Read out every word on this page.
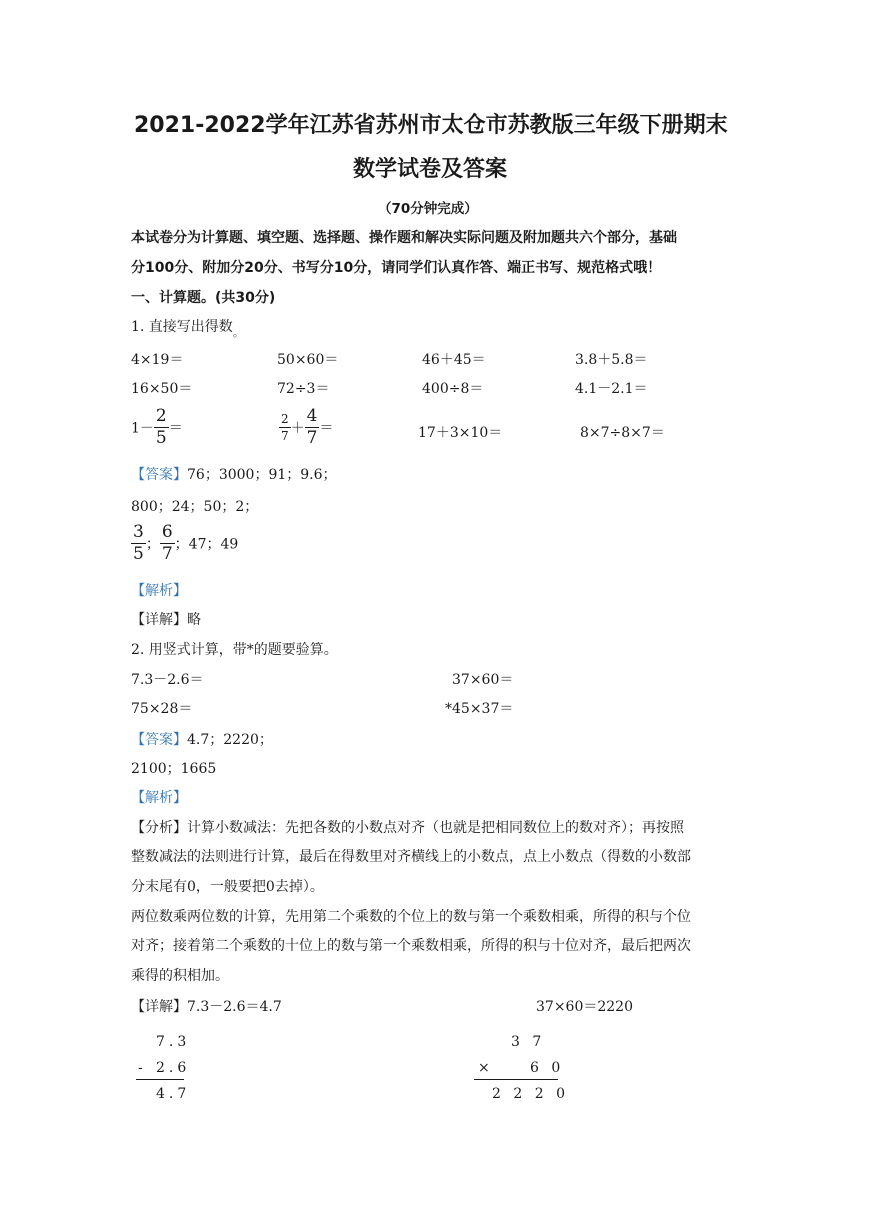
2021-2022学年江苏省苏州市太仓市苏教版三年级下册期末
数学试卷及答案
（70分钟完成）
本试卷分为计算题、填空题、选择题、操作题和解决实际问题及附加题共六个部分，基础
分100分、附加分20分、书写分10分，请同学们认真作答、端正书写、规范格式哦！
一、计算题。(共30分)
1. 直接写出得数$_。$
4×19＝	50×60＝	46＋45＝	3.8＋5.8＝
16×50＝	72÷3＝	400÷8＝	4.1－2.1＝
$1- \frac{2}{5}$ ＝	$\frac{2}{7} + \frac{4}{7}$ ＝	17＋3×10＝	8×7÷8×7＝
【答案】76；3000；91；9.6；
800；24；50；2；
$\frac{3}{5}$ ； $\frac{6}{7}$ ；47；49
【解析】
【详解】略
2. 用竖式计算，带*的题要验算。
7.3－2.6＝	37×60＝
75×28＝	*45×37＝
【答案】4.7；2220；
2100；1665
【解析】
【分析】计算小数减法：先把各数的小数点对齐（也就是把相同数位上的数对齐）；再按照
整数减法的法则进行计算，最后在得数里对齐横线上的小数点，点上小数点（得数的小数部
分末尾有0，一般要把0去掉）。
两位数乘两位数的计算，先用第二个乘数的个位上的数与第一个乘数相乘，所得的积与个位
对齐；接着第二个乘数的十位上的数与第一个乘数相乘，所得的积与十位对齐，最后把两次
乘得的积相加。
【详解】7.3－2.6＝4.7	37×60＝2220
7.3
- 2.6
4.7
3 7
×	6 0
2 2 2 0
